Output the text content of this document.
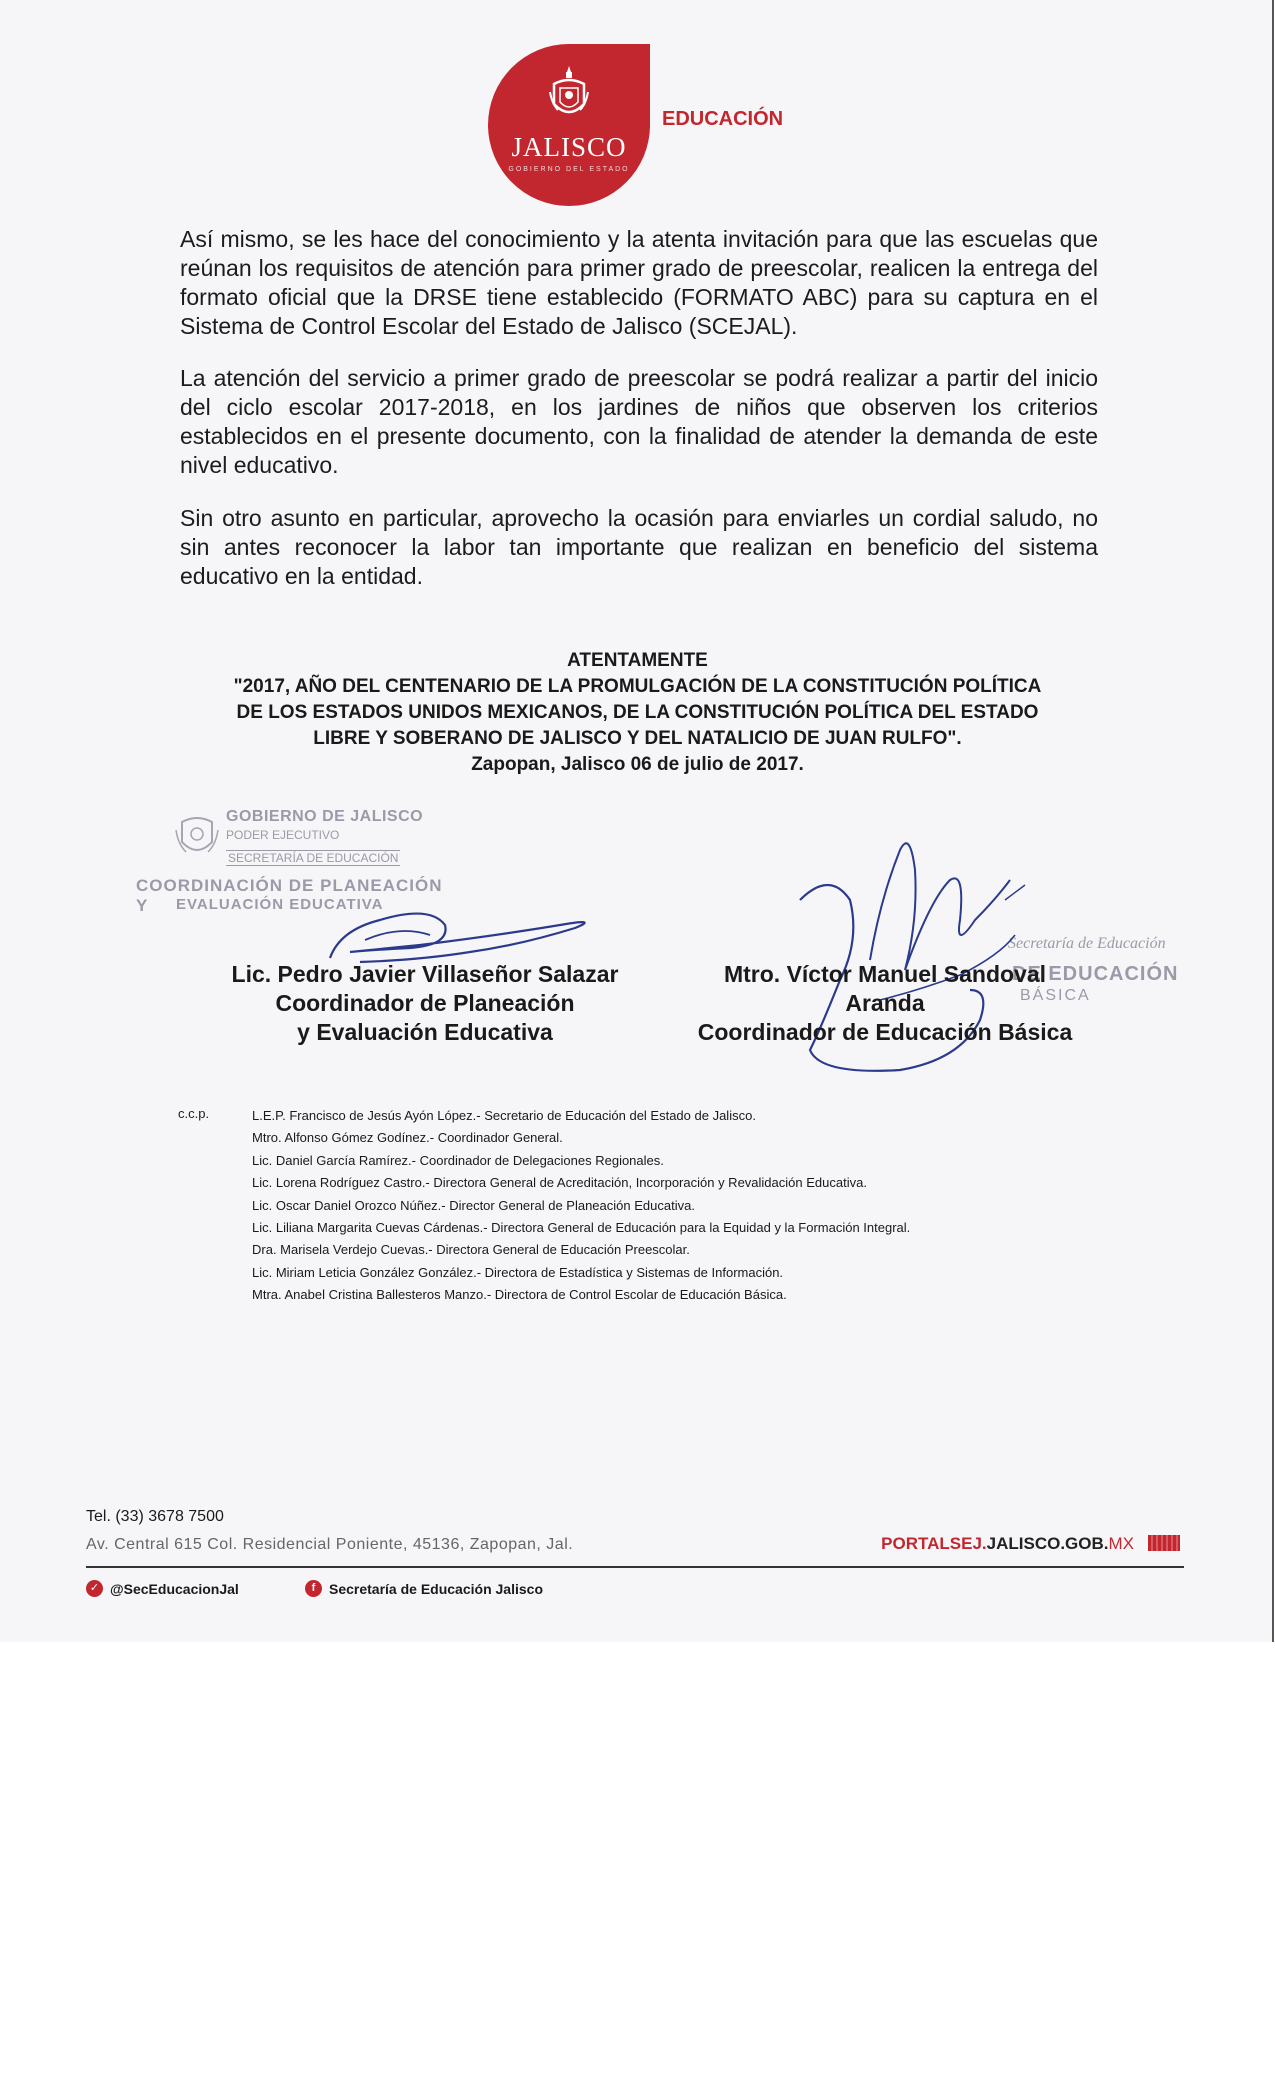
JALISCO
GOBIERNO DEL ESTADO
EDUCACIÓN
Así mismo, se les hace del conocimiento y la atenta invitación para que las escuelas que reúnan los requisitos de atención para primer grado de preescolar, realicen la entrega del formato oficial que la DRSE tiene establecido (FORMATO ABC) para su captura en el Sistema de Control Escolar del Estado de Jalisco (SCEJAL).
La atención del servicio a primer grado de preescolar se podrá realizar a partir del inicio del ciclo escolar 2017-2018, en los jardines de niños que observen los criterios establecidos en el presente documento, con la finalidad de atender la demanda de este nivel educativo.
Sin otro asunto en particular, aprovecho la ocasión para enviarles un cordial saludo, no sin antes reconocer la labor tan importante que realizan en beneficio del sistema educativo en la entidad.
ATENTAMENTE
"2017, AÑO DEL CENTENARIO DE LA PROMULGACIÓN DE LA CONSTITUCIÓN POLÍTICA
DE LOS ESTADOS UNIDOS MEXICANOS, DE LA CONSTITUCIÓN POLÍTICA DEL ESTADO
LIBRE Y SOBERANO DE JALISCO Y DEL NATALICIO DE JUAN RULFO".
Zapopan, Jalisco 06 de julio de 2017.
GOBIERNO DE JALISCO
PODER EJECUTIVO
SECRETARÍA DE EDUCACIÓN
COORDINACIÓN DE PLANEACIÓN Y	EVALUACIÓN EDUCATIVA
Secretaría de Educación
DE EDUCACIÓN
BÁSICA
Lic. Pedro Javier Villaseñor Salazar
Coordinador de Planeación
y Evaluación Educativa
Mtro. Víctor Manuel Sandoval
Aranda
Coordinador de Educación Básica
c.c.p.	L.E.P. Francisco de Jesús Ayón López.- Secretario de Educación del Estado de Jalisco.
Mtro. Alfonso Gómez Godínez.- Coordinador General.
Lic. Daniel García Ramírez.- Coordinador de Delegaciones Regionales.
Lic. Lorena Rodríguez Castro.- Directora General de Acreditación, Incorporación y Revalidación Educativa.
Lic. Oscar Daniel Orozco Núñez.- Director General de Planeación Educativa.
Lic. Liliana Margarita Cuevas Cárdenas.- Directora General de Educación para la Equidad y la Formación Integral.
Dra. Marisela Verdejo Cuevas.- Directora General de Educación Preescolar.
Lic. Miriam Leticia González González.- Directora de Estadística y Sistemas de Información.
Mtra. Anabel Cristina Ballesteros Manzo.- Directora de Control Escolar de Educación Básica.
Tel. (33) 3678 7500
Av. Central 615 Col. Residencial Poniente, 45136, Zapopan, Jal.	PORTALSEJ.JALISCO.GOB.MX
✓ @SecEducacionJal	f Secretaría de Educación Jalisco
